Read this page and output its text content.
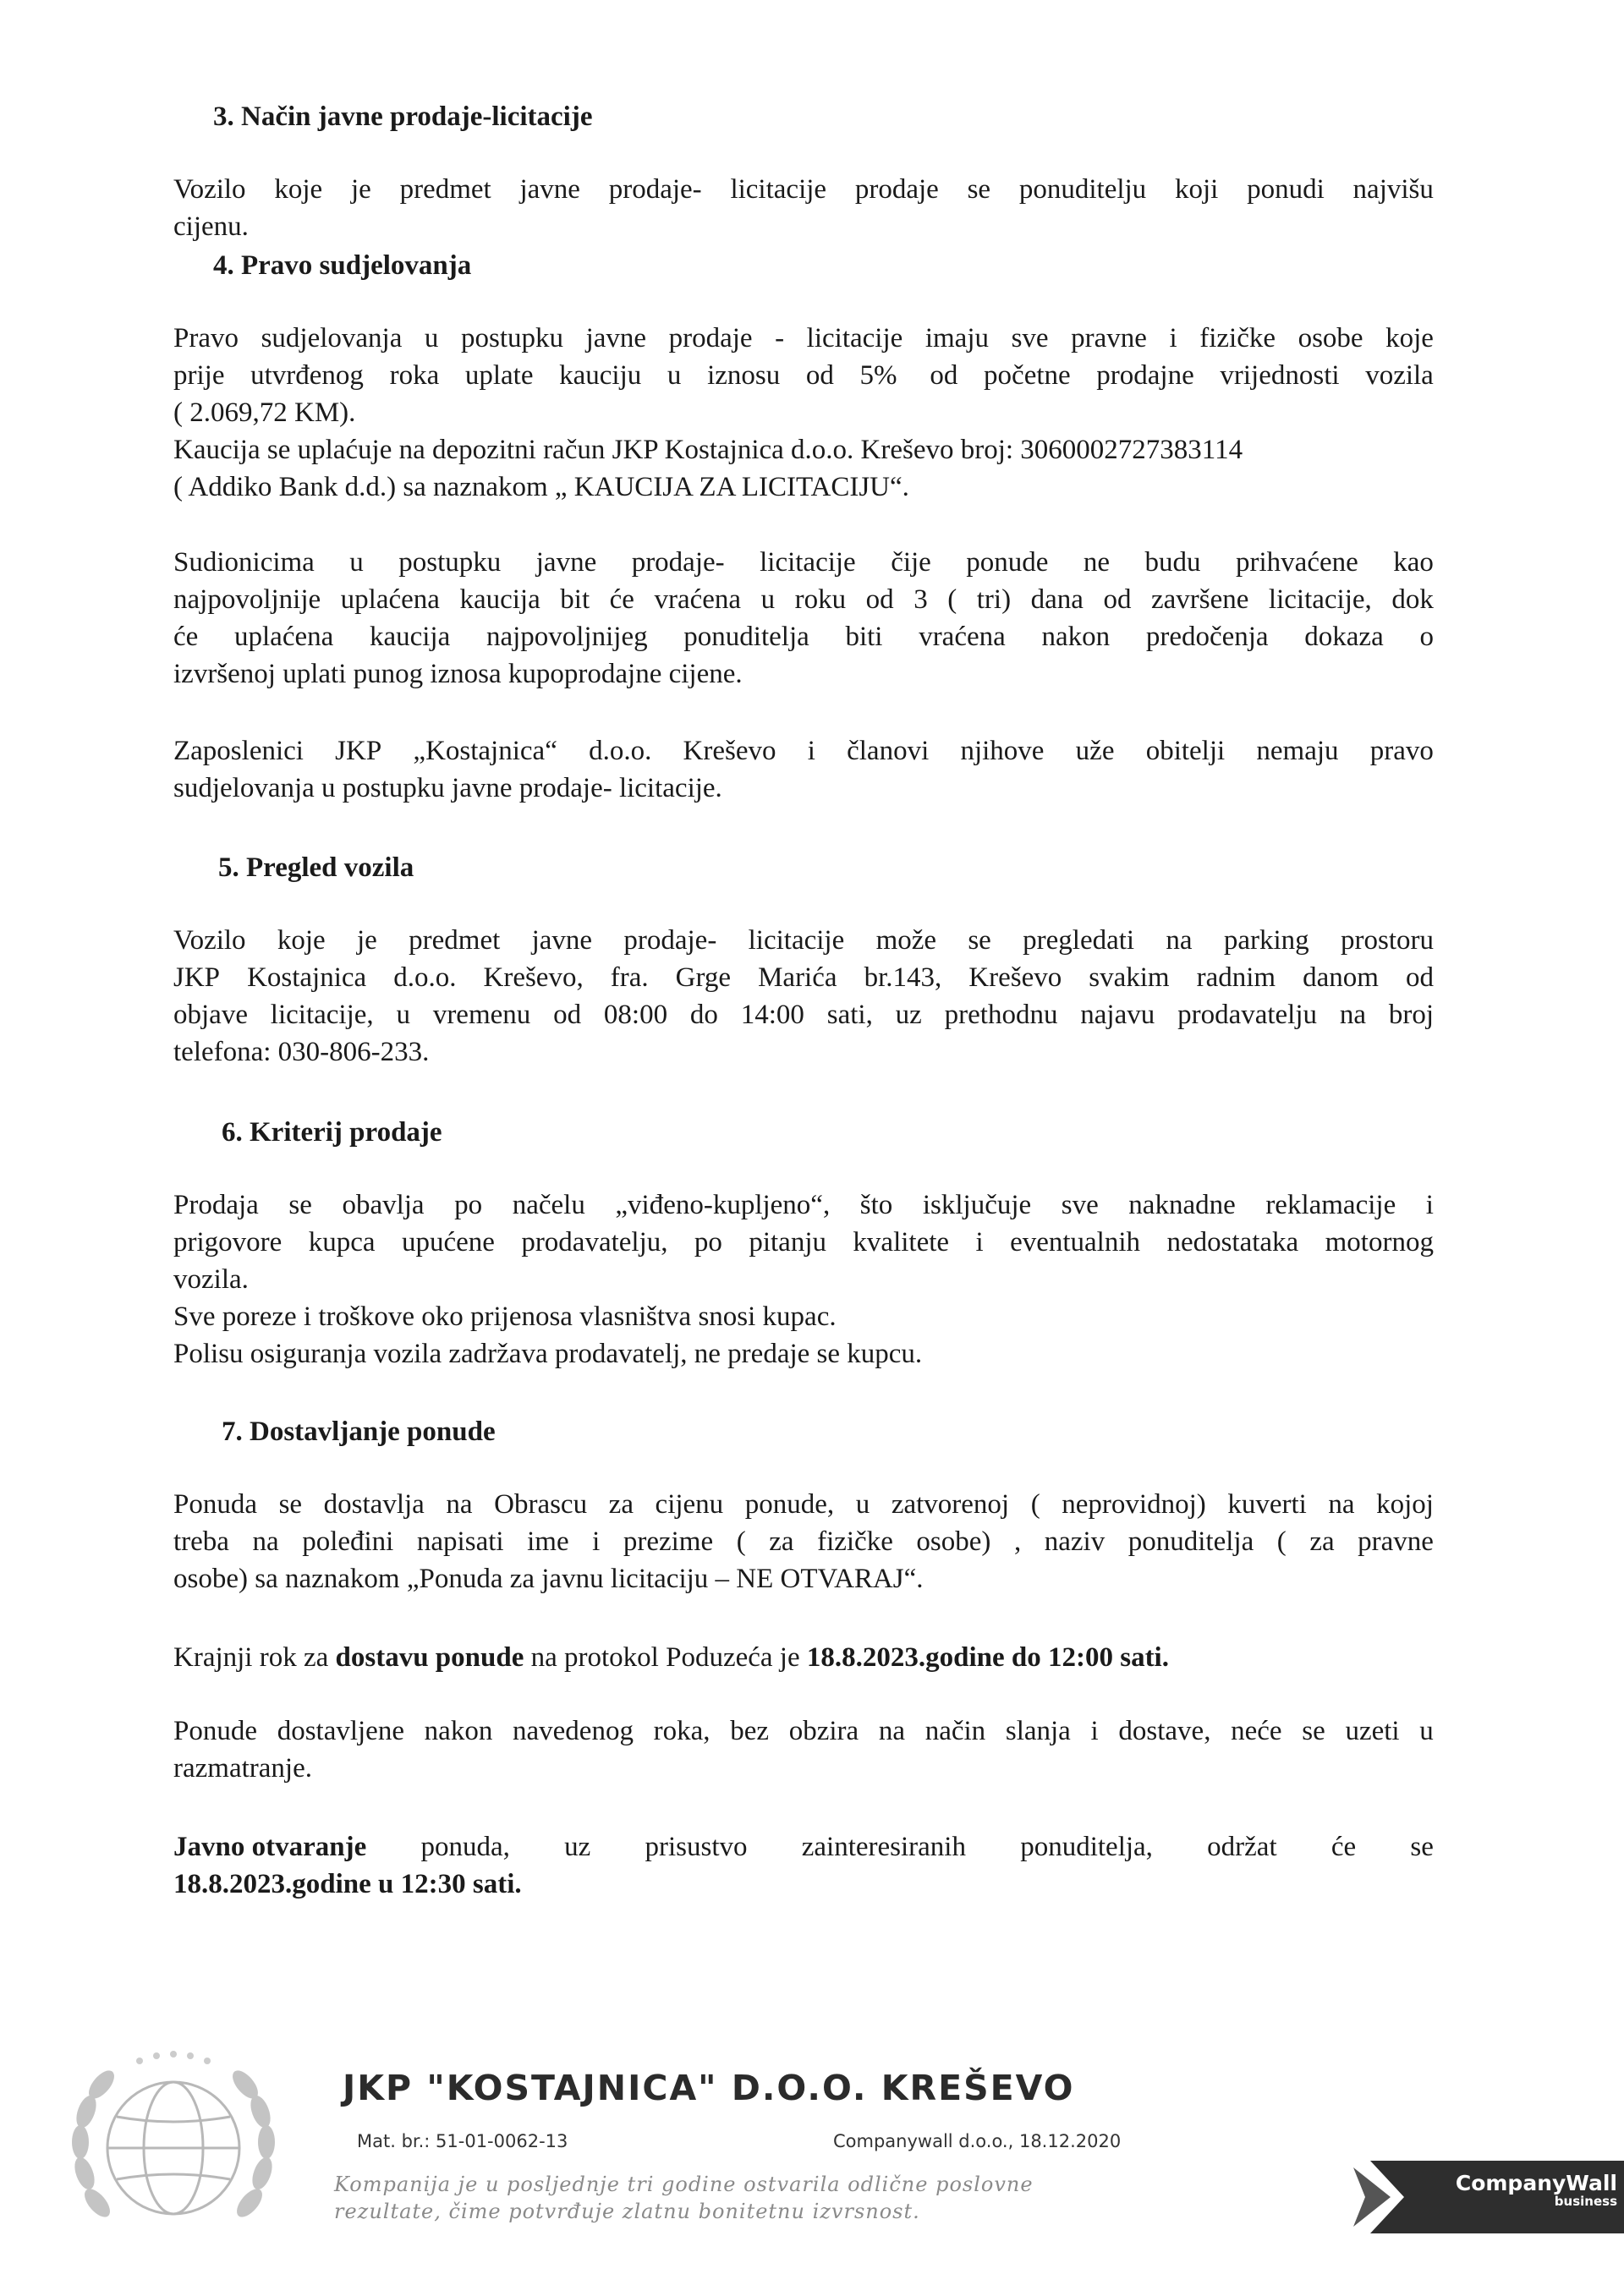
3. Način javne prodaje-licitacije
Vozilo koje je predmet javne prodaje- licitacije prodaje se ponuditelju koji ponudi najvišu
cijenu.
4. Pravo sudjelovanja
Pravo sudjelovanja u postupku javne prodaje - licitacije imaju sve pravne i fizičke osobe koje
prije utvrđenog roka uplate kauciju u iznosu od 5% od početne prodajne vrijednosti vozila
( 2.069,72 KM).
Kaucija se uplaćuje na depozitni račun JKP Kostajnica d.o.o. Kreševo broj: 3060002727383114
( Addiko Bank d.d.) sa naznakom „ KAUCIJA ZA LICITACIJU“.
Sudionicima u postupku javne prodaje- licitacije čije ponude ne budu prihvaćene kao
najpovoljnije uplaćena kaucija bit će vraćena u roku od 3 ( tri) dana od završene licitacije, dok
će uplaćena kaucija najpovoljnijeg ponuditelja biti vraćena nakon predočenja dokaza o
izvršenoj uplati punog iznosa kupoprodajne cijene.
Zaposlenici JKP „Kostajnica“ d.o.o. Kreševo i članovi njihove uže obitelji nemaju pravo
sudjelovanja u postupku javne prodaje- licitacije.
5. Pregled vozila
Vozilo koje je predmet javne prodaje- licitacije može se pregledati na parking prostoru
JKP Kostajnica d.o.o. Kreševo, fra. Grge Marića br.143, Kreševo svakim radnim danom od
objave licitacije, u vremenu od 08:00 do 14:00 sati, uz prethodnu najavu prodavatelju na broj
telefona: 030-806-233.
6. Kriterij prodaje
Prodaja se obavlja po načelu „viđeno-kupljeno“, što isključuje sve naknadne reklamacije i
prigovore kupca upućene prodavatelju, po pitanju kvalitete i eventualnih nedostataka motornog
vozila.
Sve poreze i troškove oko prijenosa vlasništva snosi kupac.
Polisu osiguranja vozila zadržava prodavatelj, ne predaje se kupcu.
7. Dostavljanje ponude
Ponuda se dostavlja na Obrascu za cijenu ponude, u zatvorenoj ( neprovidnoj) kuverti na kojoj
treba na poleđini napisati ime i prezime ( za fizičke osobe) , naziv ponuditelja ( za pravne
osobe) sa naznakom „Ponuda za javnu licitaciju – NE OTVARAJ“.
Krajnji rok za dostavu ponude na protokol Poduzeća je 18.8.2023.godine do 12:00 sati.
Ponude dostavljene nakon navedenog roka, bez obzira na način slanja i dostave, neće se uzeti u
razmatranje.
Javno otvaranje ponuda, uz prisustvo zainteresiranih ponuditelja, održat će se
18.8.2023.godine u 12:30 sati.
JKP "KOSTAJNICA" D.O.O. KREŠEVO
Mat. br.: 51-01-0062-13	Companywall d.o.o., 18.12.2020
Kompanija je u posljednje tri godine ostvarila odlične poslovne
rezultate, čime potvrđuje zlatnu bonitetnu izvrsnost.
CompanyWall
business
